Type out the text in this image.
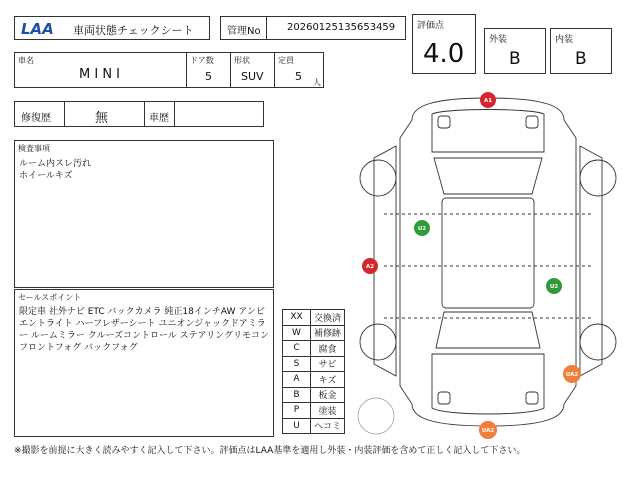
LAA 車両状態チェックシート	管理No	20260125135653459 評価点
4.0	外装
B
内装
B
車名
M I N I
ドア数
5
形状
SUV
定員
5 人
修復歴	無	車歴
検査事項
ルーム内スレ汚れ
ホイールキズ
セールスポイント
限定車 社外ナビ ETC バックカメラ 純正18インチAW アンビエントライト ハーフレザーシート ユニオンジャックドアミラー ルームミラー クルーズコントロール ステアリングリモコン フロントフォグ バックフォグ
XX	交換済
W	補修跡
C	腐食
S	サビ
A	キズ
B	板金
P	塗装
U	ヘコミ
A1
U2
A2
U2
UA2
UA2
※撮影を前提に大きく読みやすく記入して下さい。評価点はLAA基準を適用し外装・内装評価を含めて正しく記入して下さい。
